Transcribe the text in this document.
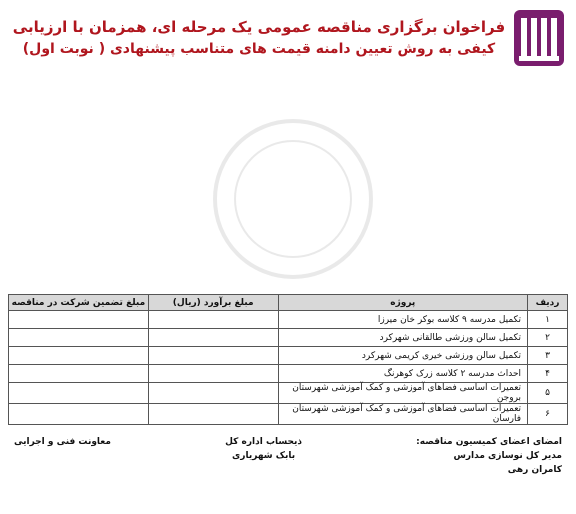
فراخوان برگزاری مناقصه عمومی یک مرحله ای، همزمان با ارزیابی
کیفی به روش تعیین دامنه قیمت های متناسب پیشنهادی ( نوبت اول)
ردیف	پروژه	مبلغ برآورد (ریال)	مبلغ تضمین شرکت در مناقصه
۱	تکمیل مدرسه ۹ کلاسه بوکر خان میرزا		
۲	تکمیل سالن ورزشی طالقانی شهرکرد		
۳	تکمیل سالن ورزشی خیری کریمی شهرکرد		
۴	احداث مدرسه ۲ کلاسه زرک کوهرنگ		
۵	تعمیرات اساسی فضاهای آموزشی و کمک آموزشی شهرستان بروجن		
۶	تعمیرات اساسی فضاهای آموزشی و کمک آموزشی شهرستان فارسان		
امضای اعضای کمیسیون مناقصه:
مدیر کل نوسازی مدارس
کامران رهی
ذیحساب اداره کل
بابک شهریاری
معاونت فنی و اجرایی
